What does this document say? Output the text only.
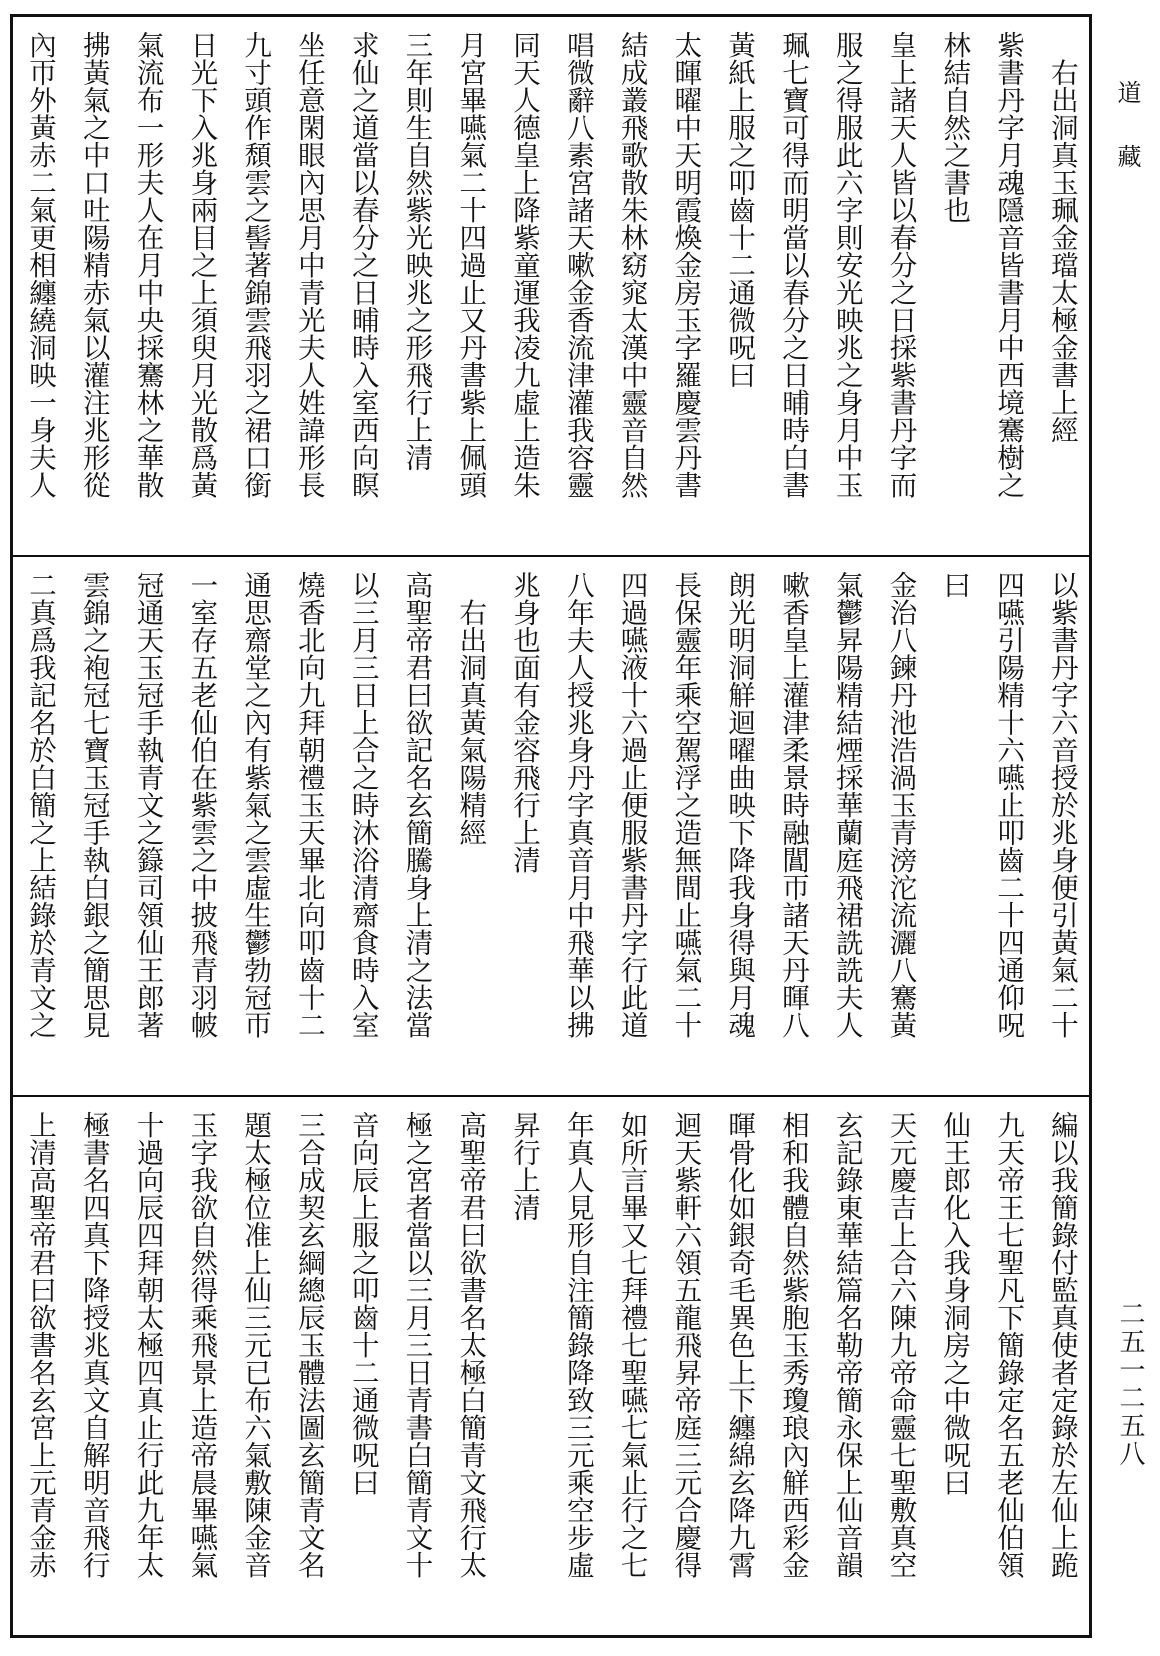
　右出洞真玉珮金璫太極金書上經
紫書丹字月魂隱音皆書月中西境騫樹之
林結自然之書也
皇上諸天人皆以春分之日採紫書丹字而
服之得服此六字則安光映兆之身月中玉
珮七寶可得而明當以春分之日晡時白書
黃紙上服之叩齒十二通微呪曰
太暉曜中天明霞煥金房玉字羅慶雲丹書
結成叢飛歌散朱林窈窕太漢中靈音自然
唱微辭八素宮諸天嗽金香流津灌我容靈
同天人德皇上降紫童運我凌九虛上造朱
月宮畢嚥氣二十四過止又丹書紫上佩頭
三年則生自然紫光映兆之形飛行上清
求仙之道當以春分之日晡時入室西向瞑
坐任意閑眼內思月中青光夫人姓諱形長
九寸頭作頹雲之髻著錦雲飛羽之裙口銜
日光下入兆身兩目之上須臾月光散爲黃
氣流布一形夫人在月中央採騫林之華散
拂黃氣之中口吐陽精赤氣以灌注兆形從
內帀外黃赤二氣更相纏繞洞映一身夫人
以紫書丹字六音授於兆身便引黃氣二十
四嚥引陽精十六嚥止叩齒二十四通仰呪
曰
金治八鍊丹池浩渦玉青滂沱流灑八騫黃
氣鬱昇陽精結煙採華蘭庭飛裙詵詵夫人
嗽香皇上灌津柔景時融閶帀諸天丹暉八
朗光明洞觧迴曜曲映下降我身得與月魂
長保靈年乘空駕浮之造無間止嚥氣二十
四過嚥液十六過止便服紫書丹字行此道
八年夫人授兆身丹字真音月中飛華以拂
兆身也面有金容飛行上清
　右出洞真黃氣陽精經
高聖帝君曰欲記名玄簡騰身上清之法當
以三月三日上合之時沐浴清齋食時入室
燒香北向九拜朝禮玉天畢北向叩齒十二
通思齋堂之內有紫氣之雲虛生鬱勃冠帀
一室存五老仙伯在紫雲之中披飛青羽帔
冠通天玉冠手執青文之籙司領仙王郎著
雲錦之袍冠七寶玉冠手執白銀之簡思見
二真爲我記名於白簡之上結錄於青文之
編以我簡錄付監真使者定錄於左仙上跪
九天帝王七聖凡下簡錄定名五老仙伯領
仙王郎化入我身洞房之中微呪曰
天元慶吉上合六陳九帝命靈七聖敷真空
玄記錄東華結篇名勒帝簡永保上仙音韻
相和我體自然紫胞玉秀瓊琅內觧西彩金
暉骨化如銀奇毛異色上下纏綿玄降九霄
迴天紫軒六領五龍飛昇帝庭三元合慶得
如所言畢又七拜禮七聖嚥七氣止行之七
年真人見形自注簡錄降致三元乘空步虛
昇行上清
高聖帝君曰欲書名太極白簡青文飛行太
極之宮者當以三月三日青書白簡青文十
音向辰上服之叩齒十二通微呪曰
三合成契玄綱總辰玉體法圖玄簡青文名
題太極位准上仙三元已布六氣敷陳金音
玉字我欲自然得乘飛景上造帝晨畢嚥氣
十過向辰四拜朝太極四真止行此九年太
極書名四真下降授兆真文自解明音飛行
上清高聖帝君曰欲書名玄宮上元青金赤
道　藏
二五一二五八
